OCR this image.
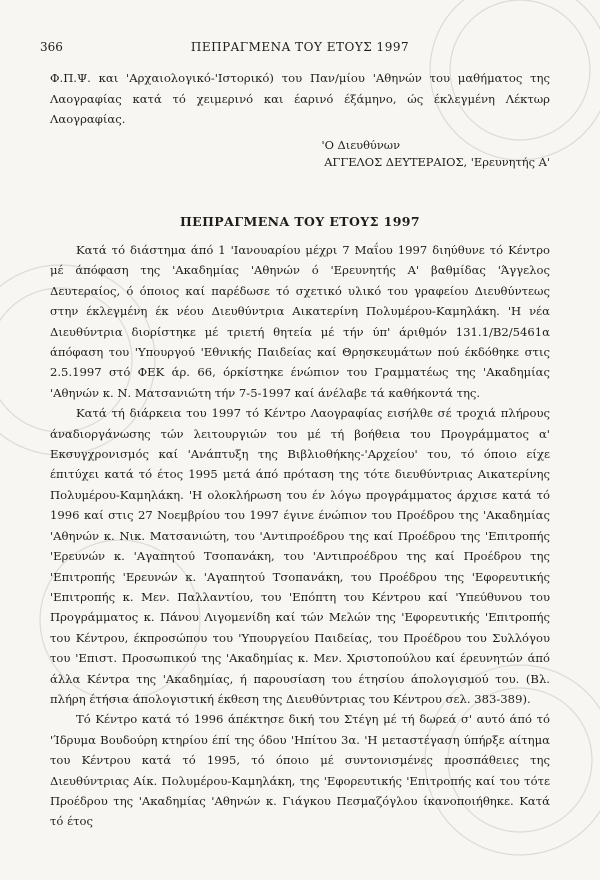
366	ΠΕΠΡΑΓΜΕΝΑ ΤΟΥ ΕΤΟΥΣ 1997
Φ.Π.Ψ. και 'Αρχαιολογικό-'Ιστορικό) του Παν/μίου 'Αθηνών του μαθήματος της Λαογραφίας κατά τό χειμερινό και έαρινό έξάμηνο, ώς έκλεγμένη Λέκτωρ Λαογραφίας.
'Ο Διευθύνων
ΑΓΓΕΛΟΣ ΔΕΥΤΕΡΑΙΟΣ, 'Ερευνητής Α'
ΠΕΠΡΑΓΜΕΝΑ ΤΟΥ ΕΤΟΥΣ 1997

Κατά τό διάστημα άπό 1 'Ιανουαρίου μέχρι 7 Μαΐου 1997 διηύθυνε τό Κέντρο μέ άπόφαση της 'Ακαδημίας 'Αθηνών ό 'Ερευνητής Α' βαθμίδας 'Άγγελος Δευτεραίος, ό όποιος καί παρέδωσε τό σχετικό υλικό του γραφείου Διευθύντεως στην έκλεγμένη έκ νέου Διευθύντρια Αικατερίνη Πολυμέρου-Καμηλάκη. 'Η νέα Διευθύντρια διορίστηκε μέ τριετή θητεία μέ τήν ύπ' άριθμόν 131.1/Β2/5461α άπόφαση του 'Υπουργού 'Εθνικής Παιδείας καί Θρησκευμάτων πού έκδόθηκε στις 2.5.1997 στό ΦΕΚ άρ. 66, όρκίστηκε ένώπιον του Γραμματέως της 'Ακαδημίας 'Αθηνών κ. Ν. Ματσανιώτη τήν 7-5-1997 καί άνέλαβε τά καθήκοντά της.

Κατά τή διάρκεια του 1997 τό Κέντρο Λαογραφίας εισήλθε σέ τροχιά πλήρους άναδιοργάνωσης τών λειτουργιών του μέ τή βοήθεια του Προγράμματος α' Εκσυγχρονισμός καί 'Ανάπτυξη της Βιβλιοθήκης-'Αρχείου' του, τό όποιο είχε έπιτύχει κατά τό έτος 1995 μετά άπό πρόταση της τότε διευθύντριας Αικατερίνης Πολυμέρου-Καμηλάκη. 'Η ολοκλήρωση του έν λόγω προγράμματος άρχισε κατά τό 1996 καί στις 27 Νοεμβρίου του 1997 έγινε ένώπιον του Προέδρου της 'Ακαδημίας 'Αθηνών κ. Νικ. Ματσανιώτη, του 'Αντιπροέδρου της καί Προέδρου της 'Επιτροπής 'Ερευνών κ. 'Αγαπητού Τσοπανάκη, του 'Αντιπροέδρου της καί Προέδρου της 'Επιτροπής 'Ερευνών κ. 'Αγαπητού Τσοπανάκη, του Προέδρου της 'Εφορευτικής 'Επιτροπής κ. Μεν. Παλλαντίου, του 'Επόπτη του Κέντρου καί 'Υπεύθυνου του Προγράμματος κ. Πάνου Λιγομενίδη καί τών Μελών της 'Εφορευτικής 'Επιτροπής του Κέντρου, έκπροσώπου του 'Υπουργείου Παιδείας, του Προέδρου του Συλλόγου του 'Επιστ. Προσωπικού της 'Ακαδημίας κ. Μεν. Χριστοπούλου καί έρευνητών άπό άλλα Κέντρα της 'Ακαδημίας, ή παρουσίαση του έτησίου άπολογισμού του. (Βλ. πλήρη έτήσια άπολογιστική έκθεση της Διευθύντριας του Κέντρου σελ. 383-389).

Τό Κέντρο κατά τό 1996 άπέκτησε δική του Στέγη μέ τή δωρεά σ' αυτό άπό τό 'Ίδρυμα Βουδούρη κτηρίου έπί της όδου 'Ηπίτου 3α. 'Η μεταστέγαση ύπήρξε αίτημα του Κέντρου κατά τό 1995, τό όποιο μέ συντονισμένες προσπάθειες της Διευθύντριας Αίκ. Πολυμέρου-Καμηλάκη, της 'Εφορευτικής 'Επιτροπής καί του τότε Προέδρου της 'Ακαδημίας 'Αθηνών κ. Γιάγκου Πεσμαζόγλου ίκανοποιήθηκε. Κατά τό έτος
